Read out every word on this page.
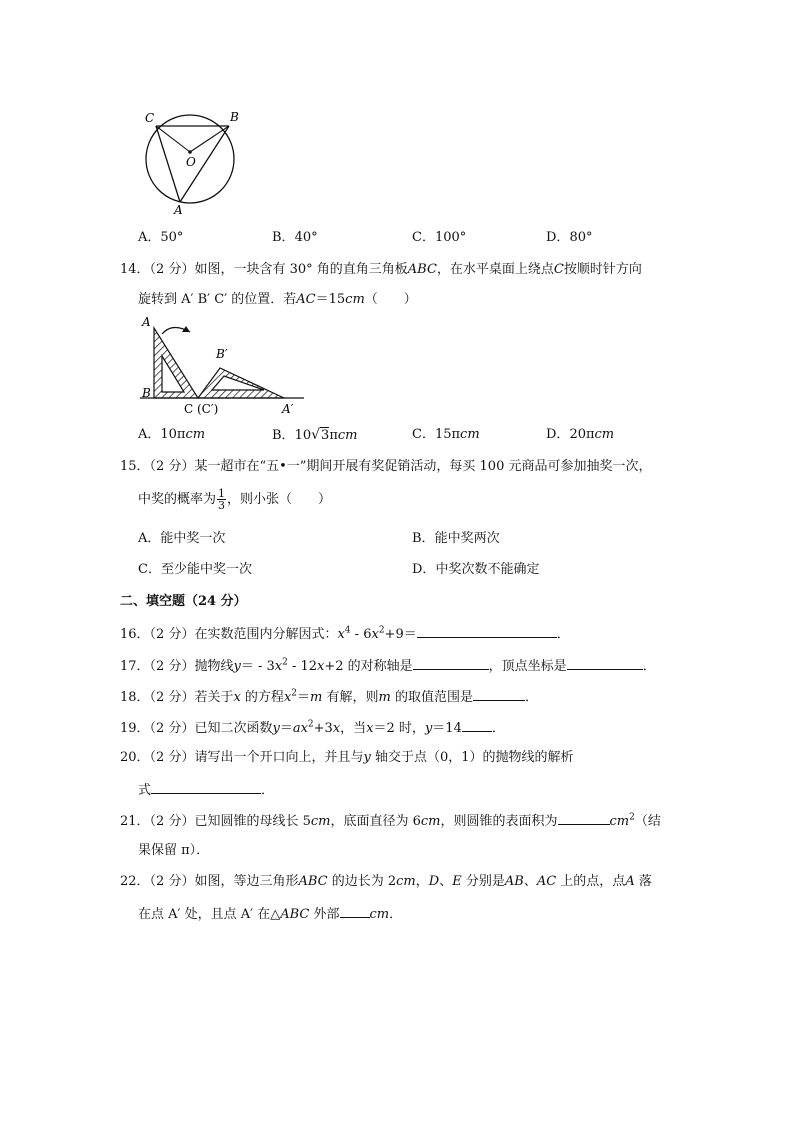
C	B
O
A
A．50°	B．40°	C．100°	D．80°
14．（2 分）如图，一块含有 30° 角的直角三角板ABC，在水平桌面上绕点C按顺时针方向
旋转到 A′ B′ C′ 的位置．若AC＝15cm（　　）
A
B
B′
C (C′)	A′
A．10πcm	B．10√3πcm	C．15πcm	D．20πcm
15．（2 分）某一超市在“五•一”期间开展有奖促销活动，每买 100 元商品可参加抽奖一次，
中奖的概率为 $\frac{1}{3}$ ，则小张（　　）
A．能中奖一次	B．能中奖两次
C．至少能中奖一次	D．中奖次数不能确定
二、填空题（24 分）
16．（2 分）在实数范围内分解因式：$x^4 - 6x^2+9=$	．
17．（2 分）抛物线$y= - 3x^2 - 12x+2$ 的对称轴是	，顶点坐标是	．
18．（2 分）若关于x 的方程$x^2=m$ 有解，则m 的取值范围是	．
19．（2 分）已知二次函数$y=ax^2+3x$，当x＝2 时，y＝14 ．
20．（2 分）请写出一个开口向上，并且与y 轴交于点（0，1）的抛物线的解析
式	．
21．（2 分）已知圆锥的母线长 5cm，底面直径为 6cm，则圆锥的表面积为	$cm^2$（结
果保留 π）．
22．（2 分）如图，等边三角形ABC 的边长为 2cm，D、E 分别是AB、AC 上的点，点A 落
在点 A′ 处，且点 A′ 在△ABC 外部 cm．
